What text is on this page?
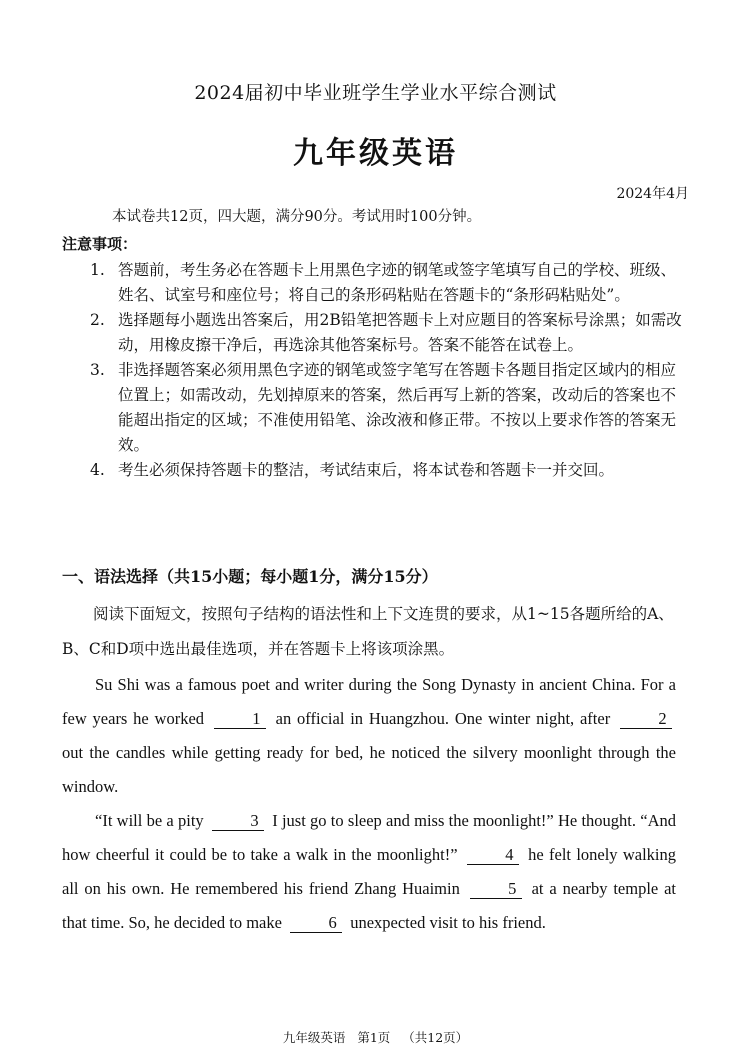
2024届初中毕业班学生学业水平综合测试
九年级英语
2024年4月
本试卷共12页，四大题，满分90分。考试用时100分钟。
注意事项：
1. 答题前，考生务必在答题卡上用黑色字迹的钢笔或签字笔填写自己的学校、班级、姓名、试室号和座位号；将自己的条形码粘贴在答题卡的“条形码粘贴处”。
2. 选择题每小题选出答案后，用2B铅笔把答题卡上对应题目的答案标号涂黑；如需改动，用橡皮擦干净后，再选涂其他答案标号。答案不能答在试卷上。
3. 非选择题答案必须用黑色字迹的钢笔或签字笔写在答题卡各题目指定区域内的相应位置上；如需改动，先划掉原来的答案，然后再写上新的答案，改动后的答案也不能超出指定的区域；不准使用铅笔、涂改液和修正带。不按以上要求作答的答案无效。
4. 考生必须保持答题卡的整洁，考试结束后，将本试卷和答题卡一并交回。
一、语法选择（共15小题；每小题1分，满分15分）
阅读下面短文，按照句子结构的语法性和上下文连贯的要求，从1~15各题所给的A、B、C和D项中选出最佳选项，并在答题卡上将该项涂黑。

Su Shi was a famous poet and writer during the Song Dynasty in ancient China. For a few years he worked	1 an official in Huangzhou. One winter night, after	2 out the candles while getting ready for bed, he noticed the silvery moonlight through the window.

“It will be a pity	3 I just go to sleep and miss the moonlight!” He thought. “And how cheerful it could be to take a walk in the moonlight!”	4 he felt lonely walking all on his own. He remembered his friend Zhang Huaimin	5 at a nearby temple at that time. So, he decided to make	6 unexpected visit to his friend.

九年级英语 第1页 （共12页）
